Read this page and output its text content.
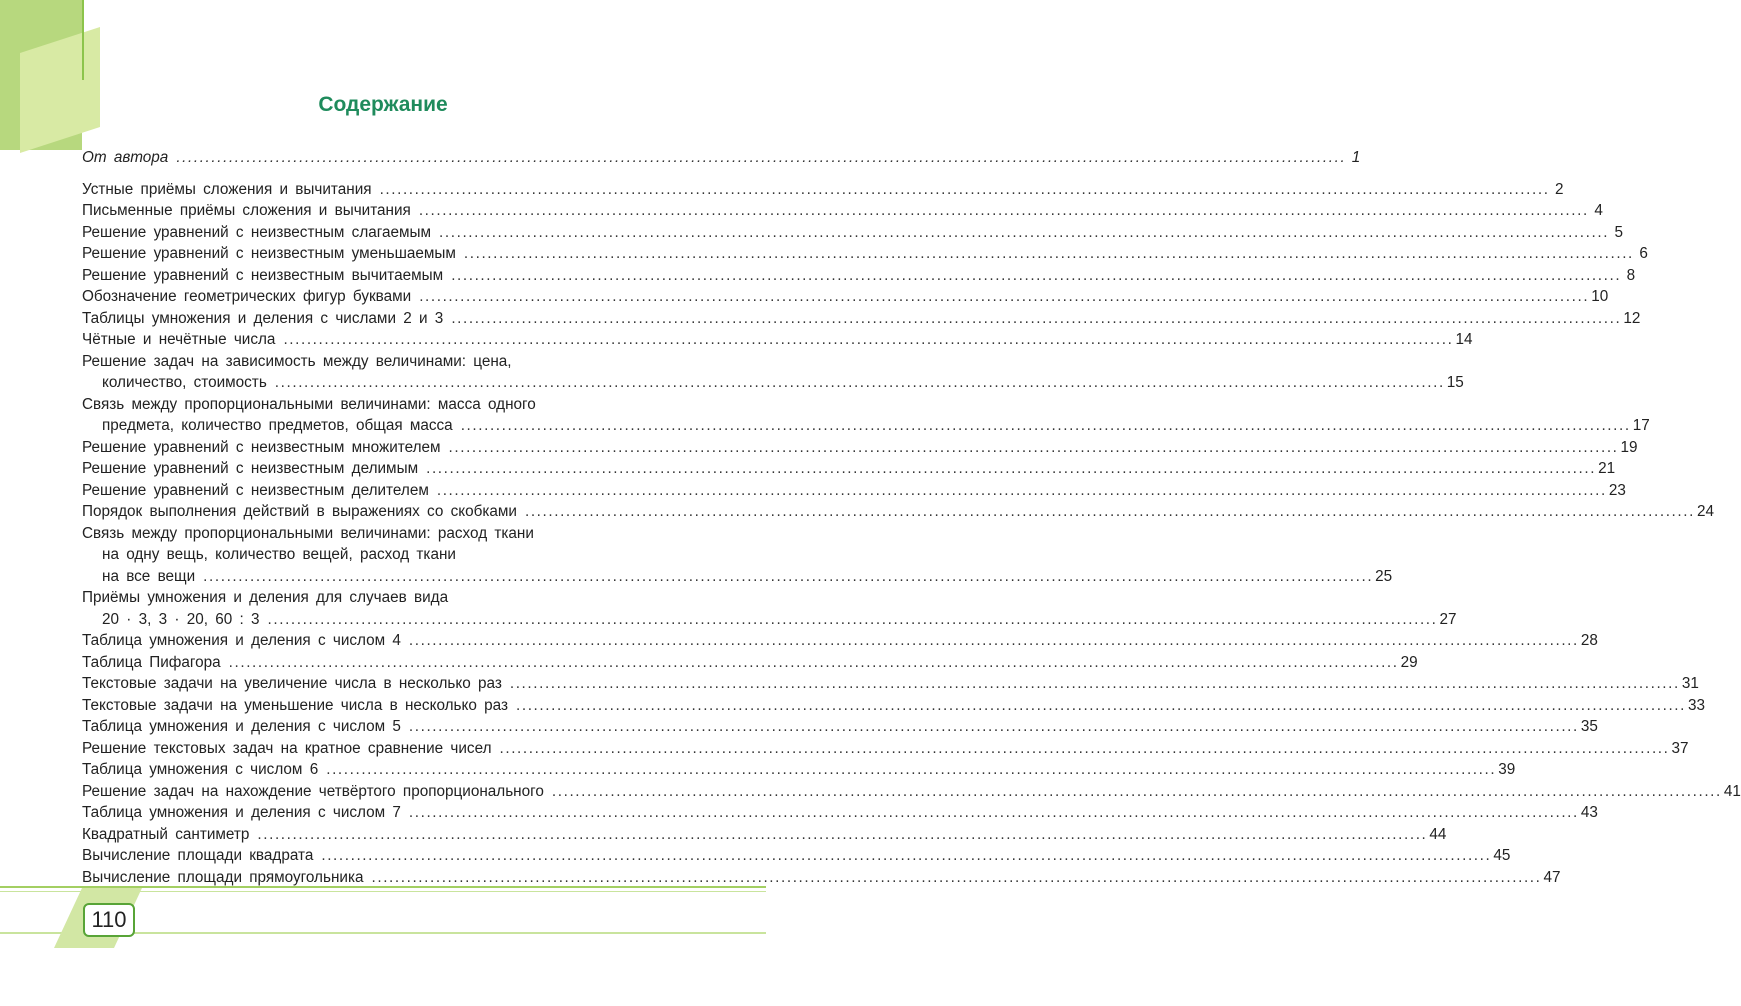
Содержание
От автора ........................................................................................................................................................................................................ 1
Устные приёмы сложения и вычитания ........................................................................................................................................................................................................ 2
Письменные приёмы сложения и вычитания ........................................................................................................................................................................................................ 4
Решение уравнений с неизвестным слагаемым ........................................................................................................................................................................................................ 5
Решение уравнений с неизвестным уменьшаемым ........................................................................................................................................................................................................ 6
Решение уравнений с неизвестным вычитаемым ........................................................................................................................................................................................................ 8
Обозначение геометрических фигур буквами ........................................................................................................................................................................................................ 10
Таблицы умножения и деления с числами 2 и 3 ........................................................................................................................................................................................................ 12
Чётные и нечётные числа ........................................................................................................................................................................................................ 14
Решение задач на зависимость между величинами: цена,
количество, стоимость ........................................................................................................................................................................................................ 15
Связь между пропорциональными величинами: масса одного
предмета, количество предметов, общая масса ........................................................................................................................................................................................................ 17
Решение уравнений с неизвестным множителем ........................................................................................................................................................................................................ 19
Решение уравнений с неизвестным делимым ........................................................................................................................................................................................................ 21
Решение уравнений с неизвестным делителем ........................................................................................................................................................................................................ 23
Порядок выполнения действий в выражениях со скобками ........................................................................................................................................................................................................ 24
Связь между пропорциональными величинами: расход ткани
на одну вещь, количество вещей, расход ткани
на все вещи ........................................................................................................................................................................................................ 25
Приёмы умножения и деления для случаев вида
20 · 3, 3 · 20, 60 : 3 ........................................................................................................................................................................................................ 27
Таблица умножения и деления с числом 4 ........................................................................................................................................................................................................ 28
Таблица Пифагора ........................................................................................................................................................................................................ 29
Текстовые задачи на увеличение числа в несколько раз ........................................................................................................................................................................................................ 31
Текстовые задачи на уменьшение числа в несколько раз ........................................................................................................................................................................................................ 33
Таблица умножения и деления с числом 5 ........................................................................................................................................................................................................ 35
Решение текстовых задач на кратное сравнение чисел ........................................................................................................................................................................................................ 37
Таблица умножения с числом 6 ........................................................................................................................................................................................................ 39
Решение задач на нахождение четвёртого пропорционального ........................................................................................................................................................................................................ 41
Таблица умножения и деления с числом 7 ........................................................................................................................................................................................................ 43
Квадратный сантиметр ........................................................................................................................................................................................................ 44
Вычисление площади квадрата ........................................................................................................................................................................................................ 45
Вычисление площади прямоугольника ........................................................................................................................................................................................................ 47
110
